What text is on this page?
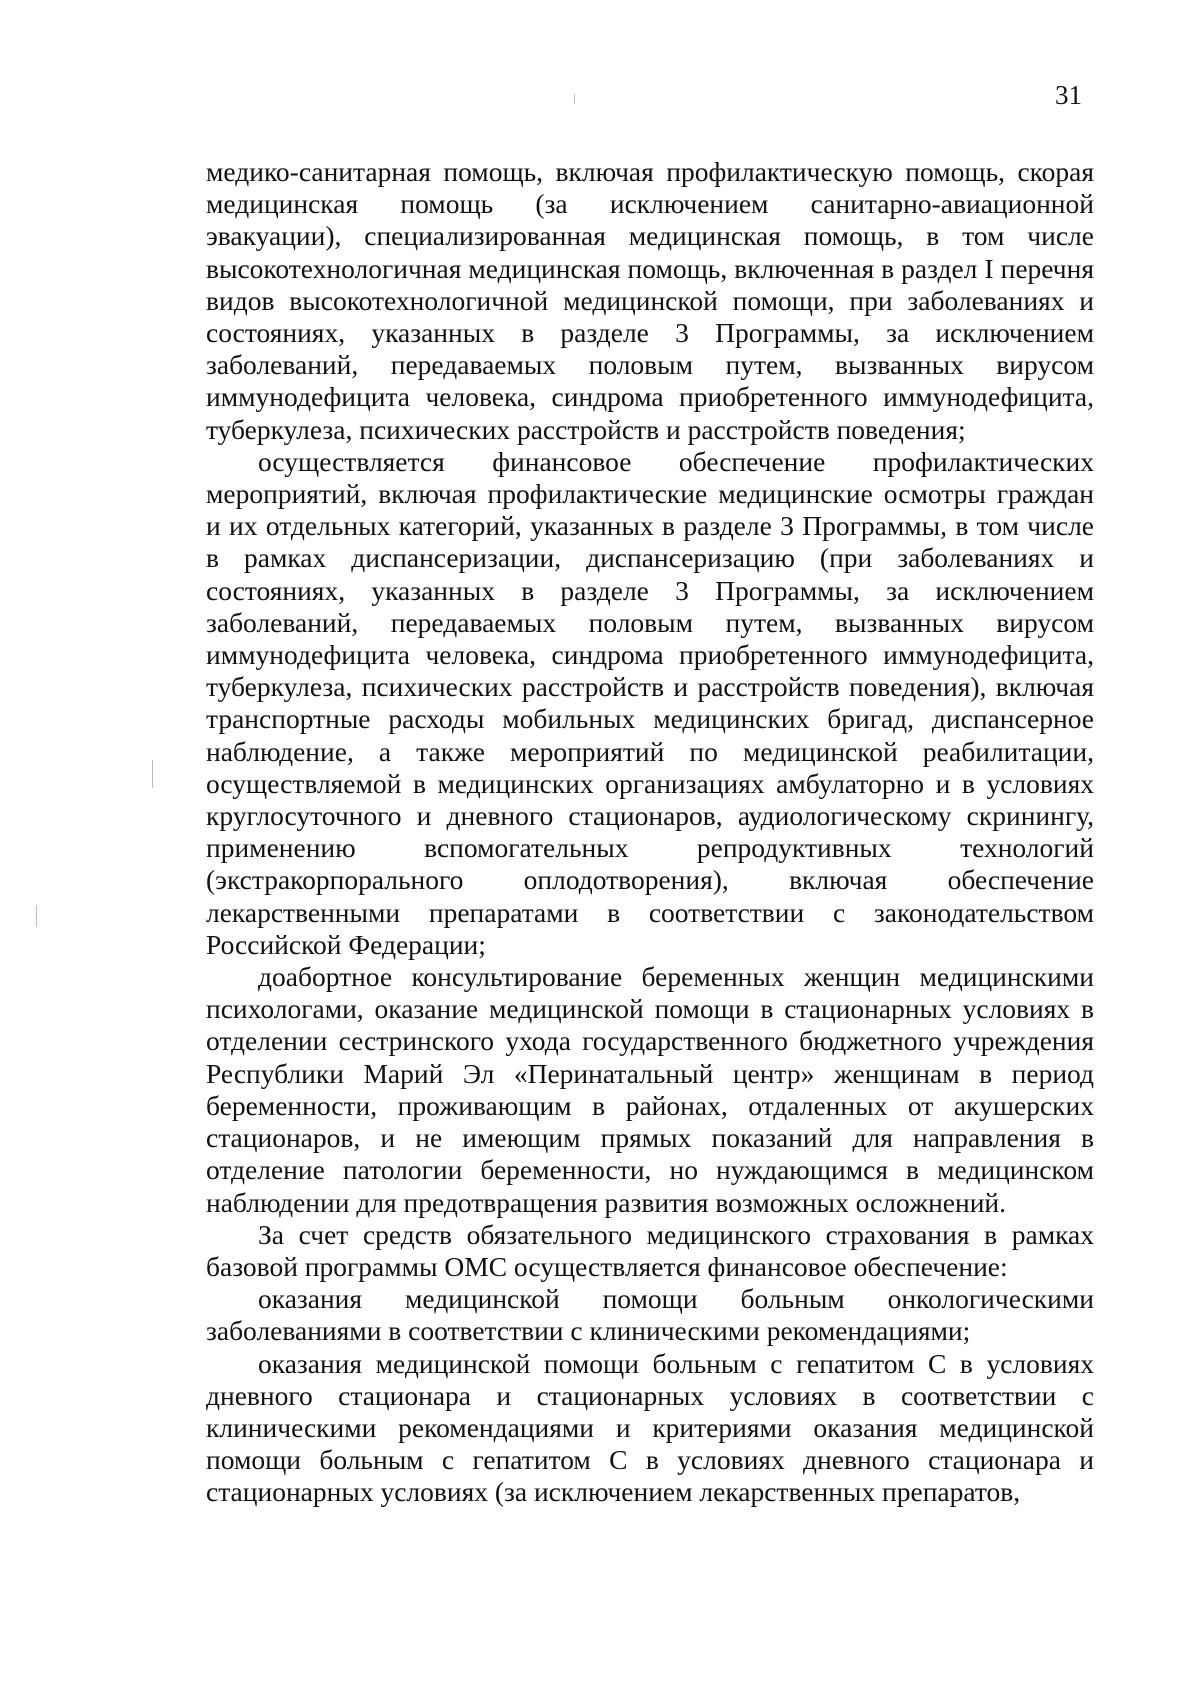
31

медико-санитарная помощь, включая профилактическую помощь, скорая медицинская помощь (за исключением санитарно-авиационной эвакуации), специализированная медицинская помощь, в том числе высокотехнологичная медицинская помощь, включенная в раздел I перечня видов высокотехнологичной медицинской помощи, при заболеваниях и состояниях, указанных в разделе 3 Программы, за исключением заболеваний, передаваемых половым путем, вызванных вирусом иммунодефицита человека, синдрома приобретенного иммунодефицита, туберкулеза, психических расстройств и расстройств поведения;

осуществляется финансовое обеспечение профилактических мероприятий, включая профилактические медицинские осмотры граждан и их отдельных категорий, указанных в разделе 3 Программы, в том числе в рамках диспансеризации, диспансеризацию (при заболеваниях и состояниях, указанных в разделе 3 Программы, за исключением заболеваний, передаваемых половым путем, вызванных вирусом иммунодефицита человека, синдрома приобретенного иммунодефицита, туберкулеза, психических расстройств и расстройств поведения), включая транспортные расходы мобильных медицинских бригад, диспансерное наблюдение, а также мероприятий по медицинской реабилитации, осуществляемой в медицинских организациях амбулаторно и в условиях круглосуточного и дневного стационаров, аудиологическому скринингу, применению вспомогательных репродуктивных технологий (экстракорпорального оплодотворения), включая обеспечение лекарственными препаратами в соответствии с законодательством Российской Федерации;

доабортное консультирование беременных женщин медицинскими психологами, оказание медицинской помощи в стационарных условиях в отделении сестринского ухода государственного бюджетного учреждения Республики Марий Эл «Перинатальный центр» женщинам в период беременности, проживающим в районах, отдаленных от акушерских стационаров, и не имеющим прямых показаний для направления в отделение патологии беременности, но нуждающимся в медицинском наблюдении для предотвращения развития возможных осложнений.

За счет средств обязательного медицинского страхования в рамках базовой программы ОМС осуществляется финансовое обеспечение:

оказания медицинской помощи больным онкологическими заболеваниями в соответствии с клиническими рекомендациями;

оказания медицинской помощи больным с гепатитом С в условиях дневного стационара и стационарных условиях в соответствии с клиническими рекомендациями и критериями оказания медицинской помощи больным с гепатитом С в условиях дневного стационара и стационарных условиях (за исключением лекарственных препаратов,
